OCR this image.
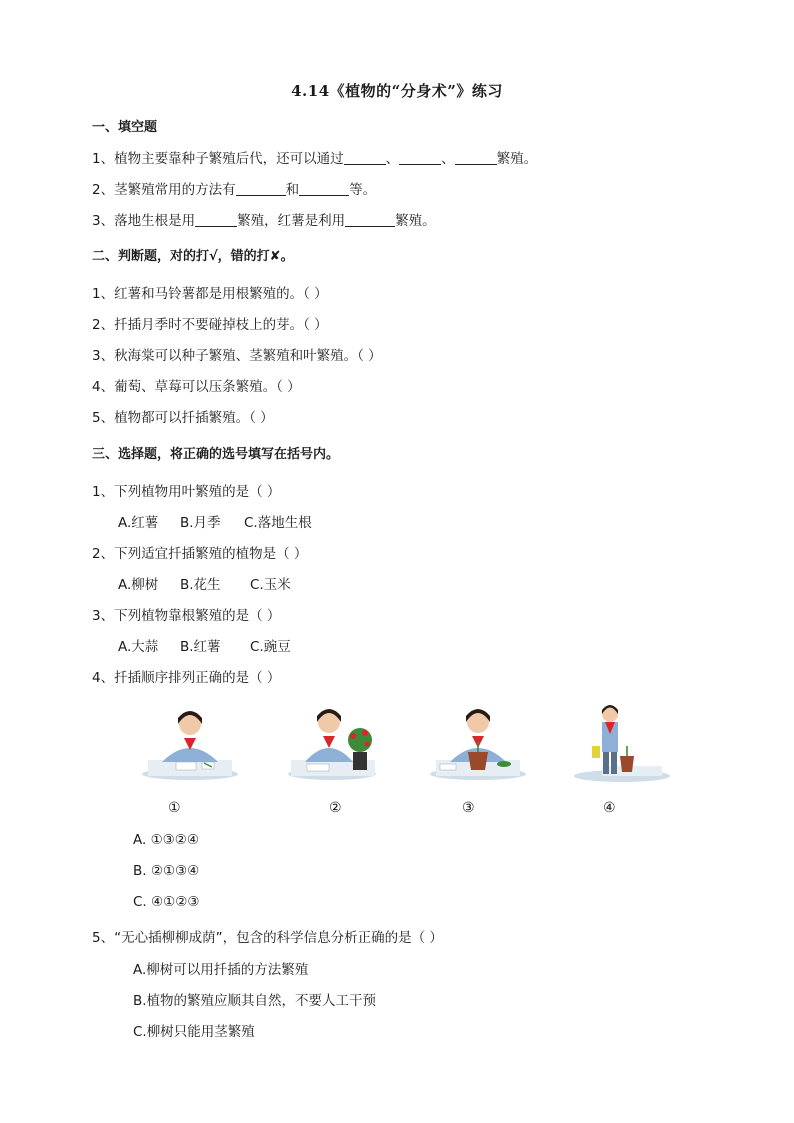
4.14《植物的“分身术”》练习
一、填空题
1、植物主要靠种子繁殖后代，还可以通过	、	、	繁殖。
2、茎繁殖常用的方法有	和	等。
3、落地生根是用	繁殖，红薯是利用	繁殖。
二、判断题，对的打√，错的打✘。
1、红薯和马铃薯都是用根繁殖的。（ ）
2、扦插月季时不要碰掉枝上的芽。（ ）
3、秋海棠可以种子繁殖、茎繁殖和叶繁殖。（ ）
4、葡萄、草莓可以压条繁殖。（ ）
5、植物都可以扦插繁殖。（ ）
三、选择题，将正确的选号填写在括号内。
1、下列植物用叶繁殖的是（ ）
A.红薯 B.月季 C.落地生根
2、下列适宜扦插繁殖的植物是（ ）
A.柳树 B.花生 C.玉米
3、下列植物靠根繁殖的是（ ）
A.大蒜 B.红薯 C.豌豆
4、扦插顺序排列正确的是（ ）
①	②	③	④
A. ①③②④
B. ②①③④
C. ④①②③
5、“无心插柳柳成荫”，包含的科学信息分析正确的是（ ）
A.柳树可以用扦插的方法繁殖
B.植物的繁殖应顺其自然，不要人工干预
C.柳树只能用茎繁殖
